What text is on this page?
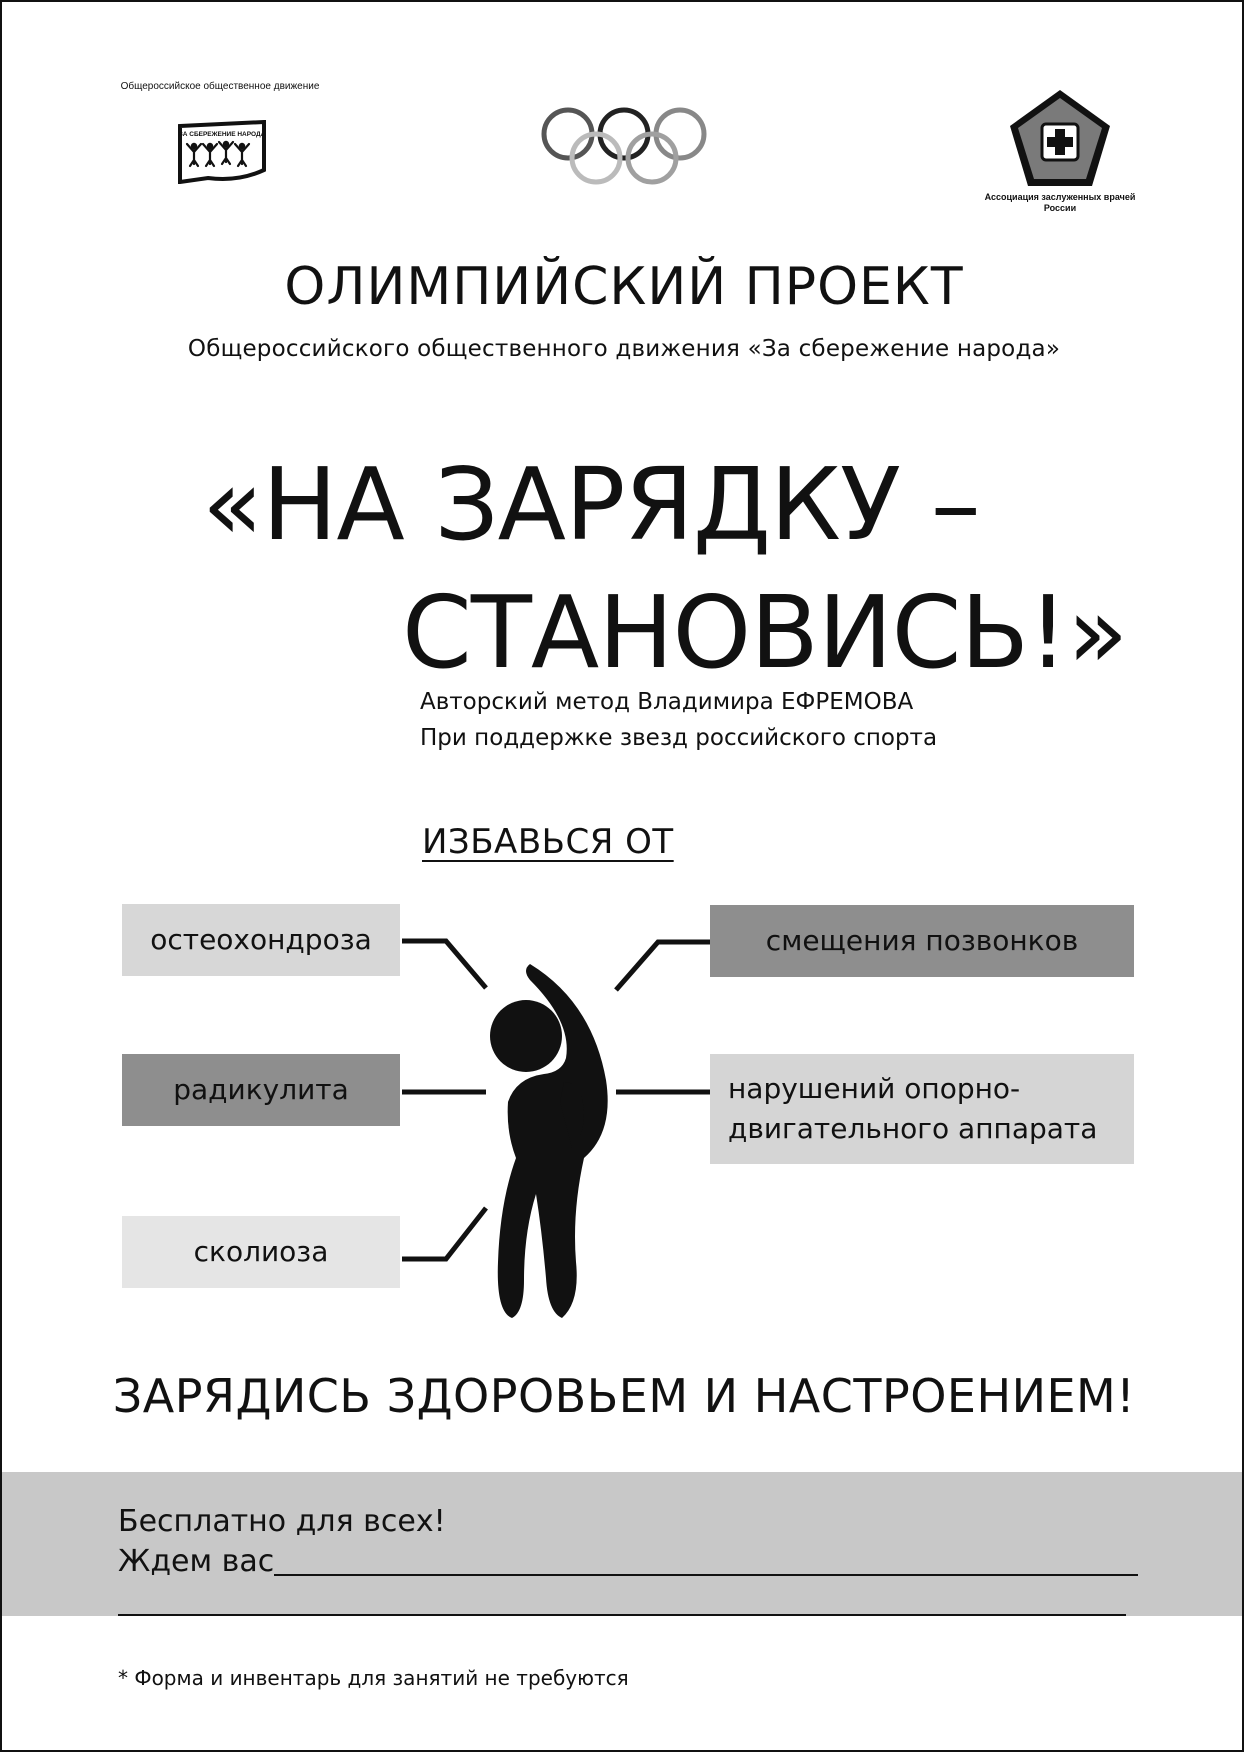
Общероссийское общественное движение
ЗА СБЕРЕЖЕНИЕ НАРОДА
Ассоциация заслуженных врачей России
ОЛИМПИЙСКИЙ ПРОЕКТ
Общероссийского общественного движения «За сбережение народа»
«НА ЗАРЯДКУ –
СТАНОВИСЬ!»
Авторский метод Владимира ЕФРЕМОВА
При поддержке звезд российского спорта
ИЗБАВЬСЯ ОТ
остеохондроза
радикулита
сколиоза
смещения позвонков
нарушений опорно-
двигательного аппарата
ЗАРЯДИСЬ ЗДОРОВЬЕМ И НАСТРОЕНИЕМ!
Бесплатно для всех!
Ждем вас
* Форма и инвентарь для занятий не требуются
